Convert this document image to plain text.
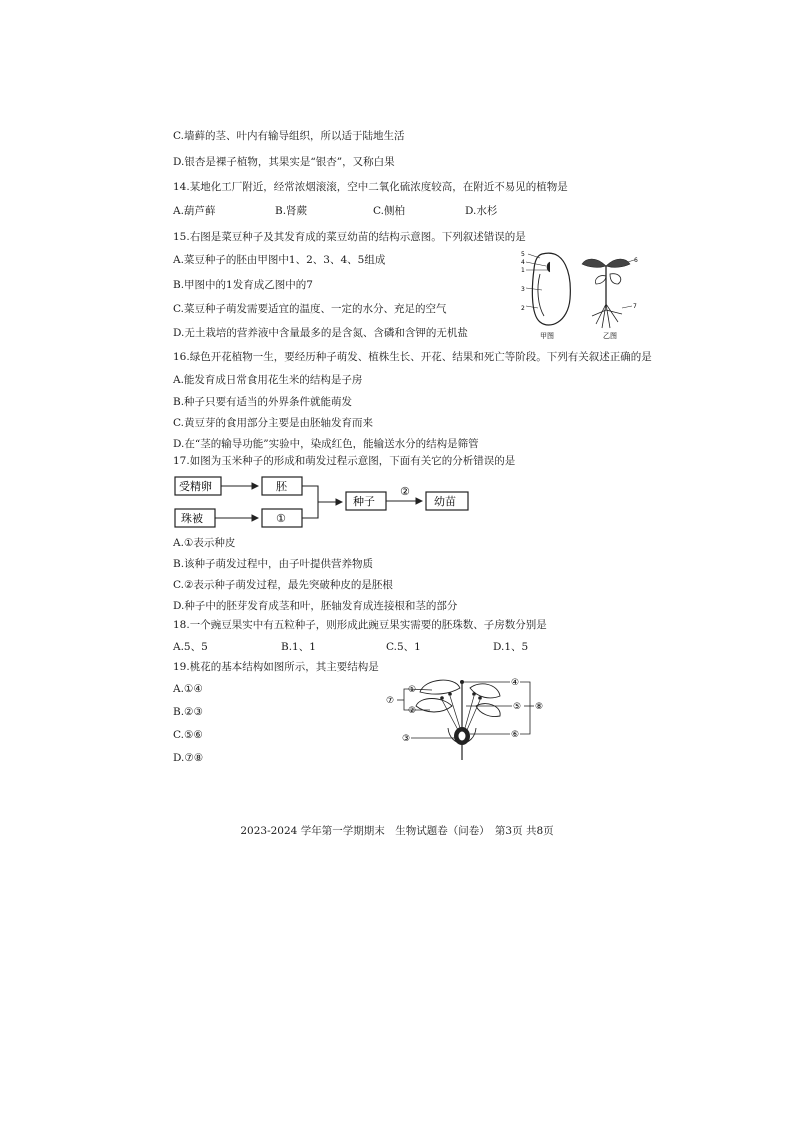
C.墙藓的茎、叶内有输导组织，所以适于陆地生活
D.银杏是裸子植物，其果实是“银杏”，又称白果
14.某地化工厂附近，经常浓烟滚滚，空中二氧化硫浓度较高，在附近不易见的植物是
A.葫芦藓	B.肾蕨	C.侧柏	D.水杉
15.右图是菜豆种子及其发育成的菜豆幼苗的结构示意图。下列叙述错误的是
A.菜豆种子的胚由甲图中1、2、3、4、5组成
B.甲图中的1发育成乙图中的7
C.菜豆种子萌发需要适宜的温度、一定的水分、充足的空气
D.无土栽培的营养液中含量最多的是含氮、含磷和含钾的无机盐
5
4
1
3
2
甲图
6
7
乙图
16.绿色开花植物一生，要经历种子萌发、植株生长、开花、结果和死亡等阶段。下列有关叙述正确的是
A.能发育成日常食用花生米的结构是子房
B.种子只要有适当的外界条件就能萌发
C.黄豆芽的食用部分主要是由胚轴发育而来
D.在“茎的输导功能”实验中，染成红色，能输送水分的结构是筛管
17.如图为玉米种子的形成和萌发过程示意图，下面有关它的分析错误的是
受精卵	胚
珠被	①
种子
②
幼苗
A.①表示种皮
B.该种子萌发过程中，由子叶提供营养物质
C.②表示种子萌发过程，最先突破种皮的是胚根
D.种子中的胚芽发育成茎和叶，胚轴发育成连接根和茎的部分
18.一个豌豆果实中有五粒种子，则形成此豌豆果实需要的胚珠数、子房数分别是
A.5、5	B.1、1	C.5、1	D.1、5
19.桃花的基本结构如图所示，其主要结构是
A.①④
B.②③
C.⑤⑥
D.⑦⑧
①
②
③
⑦
④
⑤
⑥
⑧
2023-2024 学年第一学期期末　生物试题卷（问卷）　第3页 共8页
